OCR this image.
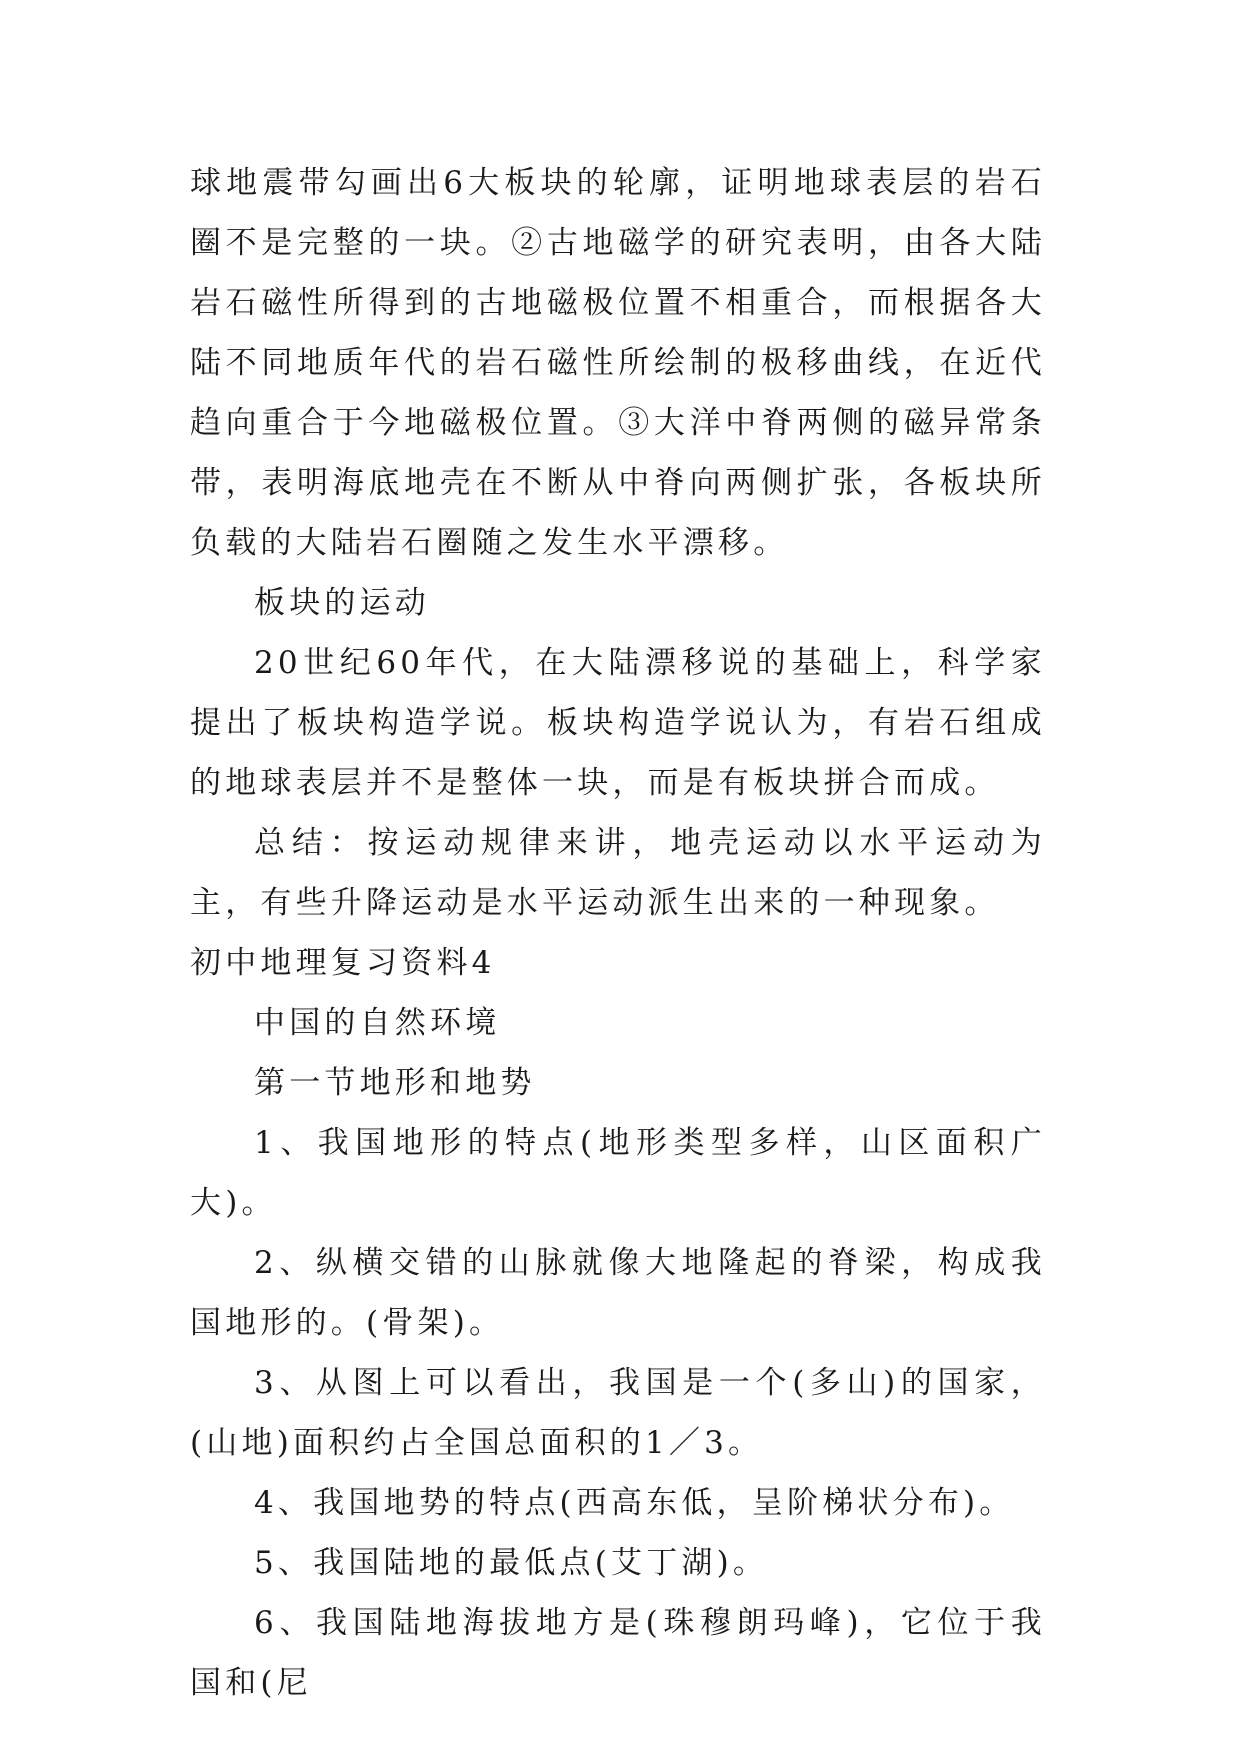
球地震带勾画出6大板块的轮廓，证明地球表层的岩石圈不是完整的一块。②古地磁学的研究表明，由各大陆岩石磁性所得到的古地磁极位置不相重合，而根据各大陆不同地质年代的岩石磁性所绘制的极移曲线，在近代趋向重合于今地磁极位置。③大洋中脊两侧的磁异常条带，表明海底地壳在不断从中脊向两侧扩张，各板块所负载的大陆岩石圈随之发生水平漂移。

板块的运动

20世纪60年代，在大陆漂移说的基础上，科学家提出了板块构造学说。板块构造学说认为，有岩石组成的地球表层并不是整体一块，而是有板块拼合而成。

总结：按运动规律来讲，地壳运动以水平运动为主，有些升降运动是水平运动派生出来的一种现象。

初中地理复习资料4

中国的自然环境

第一节地形和地势

1、我国地形的特点(地形类型多样，山区面积广大)。

2、纵横交错的山脉就像大地隆起的脊梁，构成我国地形的。(骨架)。

3、从图上可以看出，我国是一个(多山)的国家，(山地)面积约占全国总面积的1／3。

4、我国地势的特点(西高东低，呈阶梯状分布)。

5、我国陆地的最低点(艾丁湖)。

6、我国陆地海拔地方是(珠穆朗玛峰)，它位于我国和(尼
